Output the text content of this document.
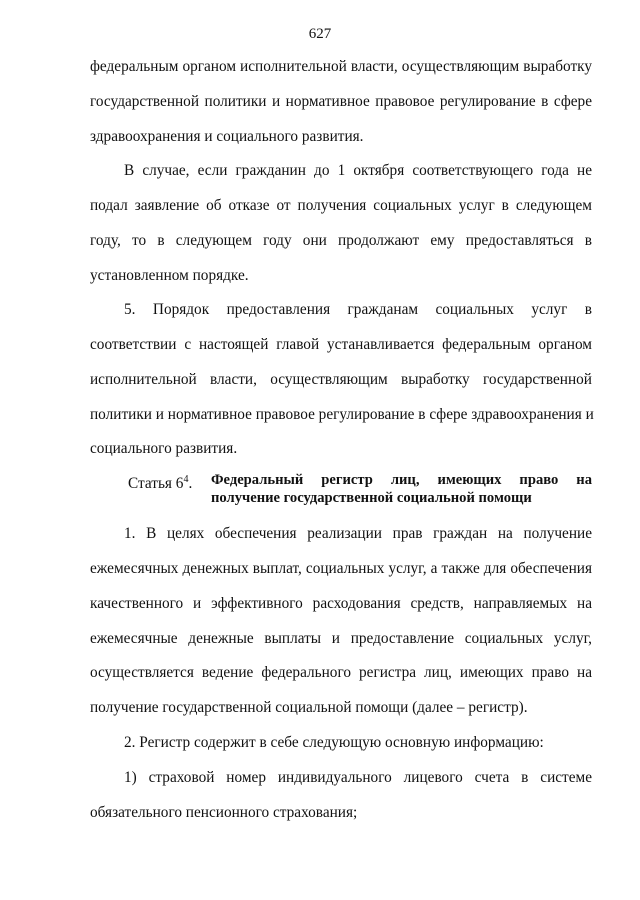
627
федеральным органом исполнительной власти, осуществляющим выработку
государственной политики и нормативное правовое регулирование в сфере
здравоохранения и социального развития.
В случае, если гражданин до 1 октября соответствующего года не
подал заявление об отказе от получения социальных услуг в следующем
году, то в следующем году они продолжают ему предоставляться в
установленном порядке.
5. Порядок предоставления гражданам социальных услуг в
соответствии с настоящей главой устанавливается федеральным органом
исполнительной власти, осуществляющим выработку государственной
политики и нормативное правовое регулирование в сфере здравоохранения и
социального развития.
1. В целях обеспечения реализации прав граждан на получение
ежемесячных денежных выплат, социальных услуг, а также для обеспечения
качественного и эффективного расходования средств, направляемых на
ежемесячные денежные выплаты и предоставление социальных услуг,
осуществляется ведение федерального регистра лиц, имеющих право на
получение государственной социальной помощи (далее – регистр).
2. Регистр содержит в себе следующую основную информацию:
1) страховой номер индивидуального лицевого счета в системе
обязательного пенсионного страхования;
Статья $6^4$. Федеральный регистр лиц, имеющих право на
получение государственной социальной помощи
